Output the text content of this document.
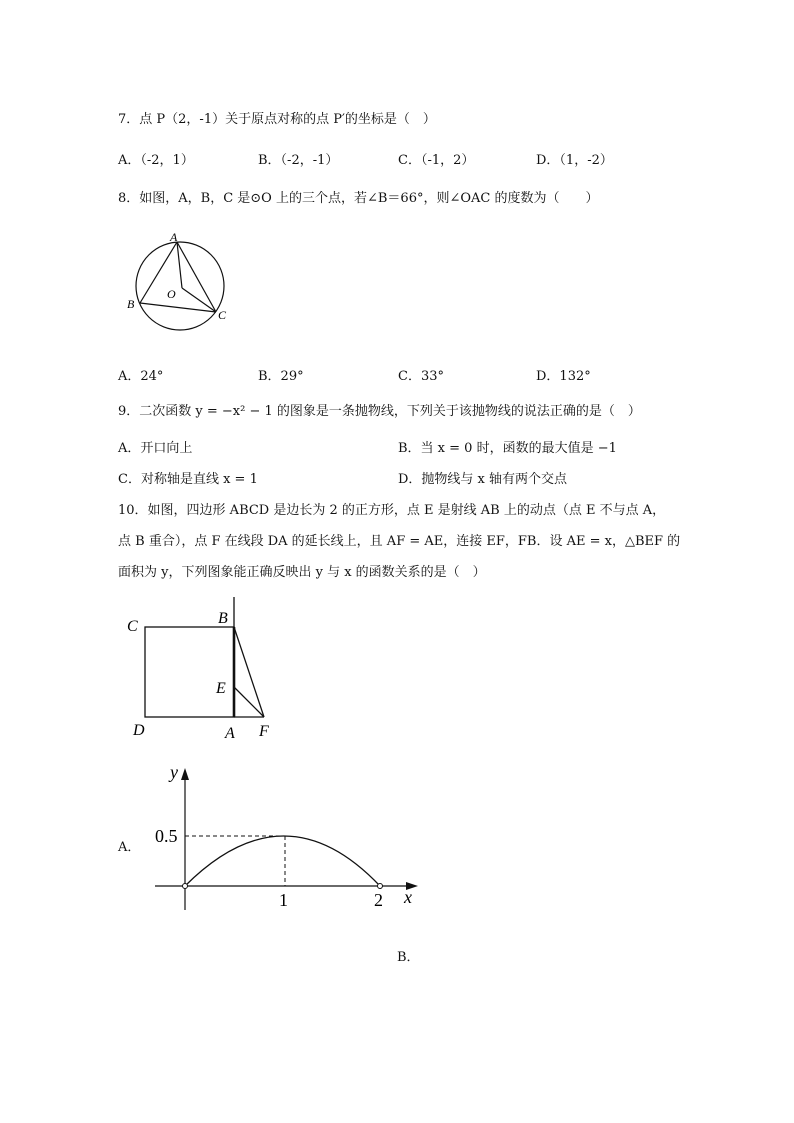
7．点 P（2，-1）关于原点对称的点 P′的坐标是（　）
A．（-2，1）	B．（-2，-1）	C．（-1，2）	D．（1，-2）
8．如图，A，B，C 是⊙O 上的三个点，若∠B＝66°，则∠OAC 的度数为（　　）
A
B
C
O
A．24°	B．29°	C．33°	D．132°
9．二次函数 y = −x² − 1 的图象是一条抛物线，下列关于该抛物线的说法正确的是（　）
A．开口向上	B．当 x = 0 时，函数的最大值是 −1
C．对称轴是直线 x = 1	D．抛物线与 x 轴有两个交点
10．如图，四边形 ABCD 是边长为 2 的正方形，点 E 是射线 AB 上的动点（点 E 不与点 A，
点 B 重合），点 F 在线段 DA 的延长线上，且 AF = AE，连接 EF，FB．设 AE = x，△BEF 的
面积为 y，下列图象能正确反映出 y 与 x 的函数关系的是（　）
C	B
E
D	A F
A．
y
x
0.5
1	2
B．
